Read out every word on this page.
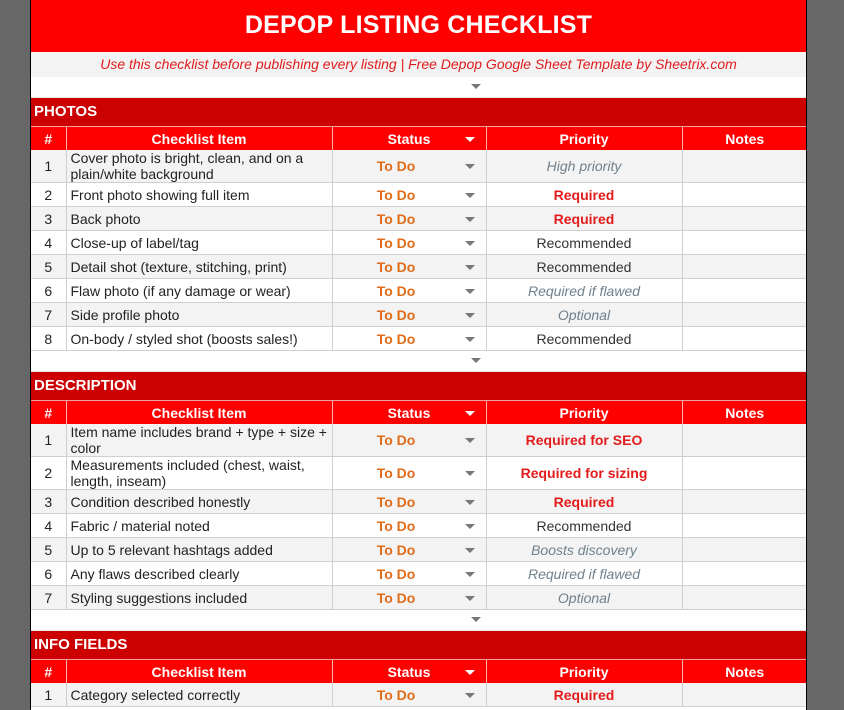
DEPOP LISTING CHECKLIST
Use this checklist before publishing every listing | Free Depop Google Sheet Template by Sheetrix.com
PHOTOS
#	Checklist Item	Status	Priority	Notes
1	Cover photo is bright, clean, and on a plain/white background	To Do	High priority	
2	Front photo showing full item	To Do	Required	
3	Back photo	To Do	Required	
4	Close-up of label/tag	To Do	Recommended	
5	Detail shot (texture, stitching, print)	To Do	Recommended	
6	Flaw photo (if any damage or wear)	To Do	Required if flawed	
7	Side profile photo	To Do	Optional	
8	On-body / styled shot (boosts sales!)	To Do	Recommended	
DESCRIPTION
#	Checklist Item	Status	Priority	Notes
1	Item name includes brand + type + size + color	To Do	Required for SEO	
2	Measurements included (chest, waist, length, inseam)	To Do	Required for sizing	
3	Condition described honestly	To Do	Required	
4	Fabric / material noted	To Do	Recommended	
5	Up to 5 relevant hashtags added	To Do	Boosts discovery	
6	Any flaws described clearly	To Do	Required if flawed	
7	Styling suggestions included	To Do	Optional	
INFO FIELDS
#	Checklist Item	Status	Priority	Notes
1	Category selected correctly	To Do	Required	
